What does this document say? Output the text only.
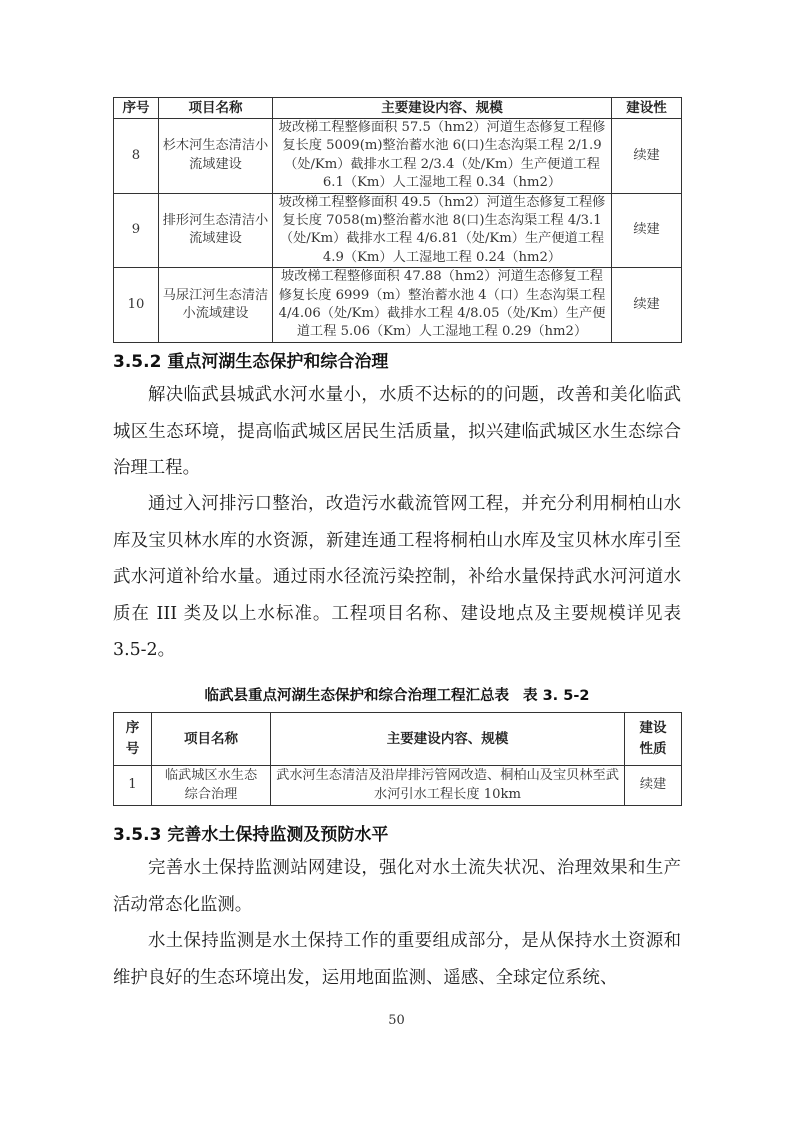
序号	项目名称	主要建设内容、规模	建设性
8	杉木河生态清洁小流域建设	坡改梯工程整修面积 57.5（hm2）河道生态修复工程修复长度 5009(m)整治蓄水池 6(口)生态沟渠工程 2/1.9（处/Km）截排水工程 2/3.4（处/Km）生产便道工程 6.1（Km）人工湿地工程 0.34（hm2）	续建
9	排形河生态清洁小流域建设	坡改梯工程整修面积 49.5（hm2）河道生态修复工程修复长度 7058(m)整治蓄水池 8(口)生态沟渠工程 4/3.1（处/Km）截排水工程 4/6.81（处/Km）生产便道工程 4.9（Km）人工湿地工程 0.24（hm2）	续建
10	马尿江河生态清洁小流域建设	坡改梯工程整修面积 47.88（hm2）河道生态修复工程修复长度 6999（m）整治蓄水池 4（口）生态沟渠工程 4/4.06（处/Km）截排水工程 4/8.05（处/Km）生产便道工程 5.06（Km）人工湿地工程 0.29（hm2）	续建
3.5.2 重点河湖生态保护和综合治理

解决临武县城武水河水量小，水质不达标的的问题，改善和美化临武城区生态环境，提高临武城区居民生活质量，拟兴建临武城区水生态综合治理工程。

通过入河排污口整治，改造污水截流管网工程，并充分利用桐柏山水库及宝贝林水库的水资源，新建连通工程将桐柏山水库及宝贝林水库引至武水河道补给水量。通过雨水径流污染控制，补给水量保持武水河河道水质在 III 类及以上水标准。工程项目名称、建设地点及主要规模详见表 3.5-2。

临武县重点河湖生态保护和综合治理工程汇总表 表 3. 5-2
序号	项目名称	主要建设内容、规模	建设性质
1	临武城区水生态综合治理	武水河生态清洁及沿岸排污管网改造、桐柏山及宝贝林至武水河引水工程长度 10km	续建
3.5.3 完善水土保持监测及预防水平

完善水土保持监测站网建设，强化对水土流失状况、治理效果和生产活动常态化监测。

水土保持监测是水土保持工作的重要组成部分，是从保持水土资源和维护良好的生态环境出发，运用地面监测、遥感、全球定位系统、

50
